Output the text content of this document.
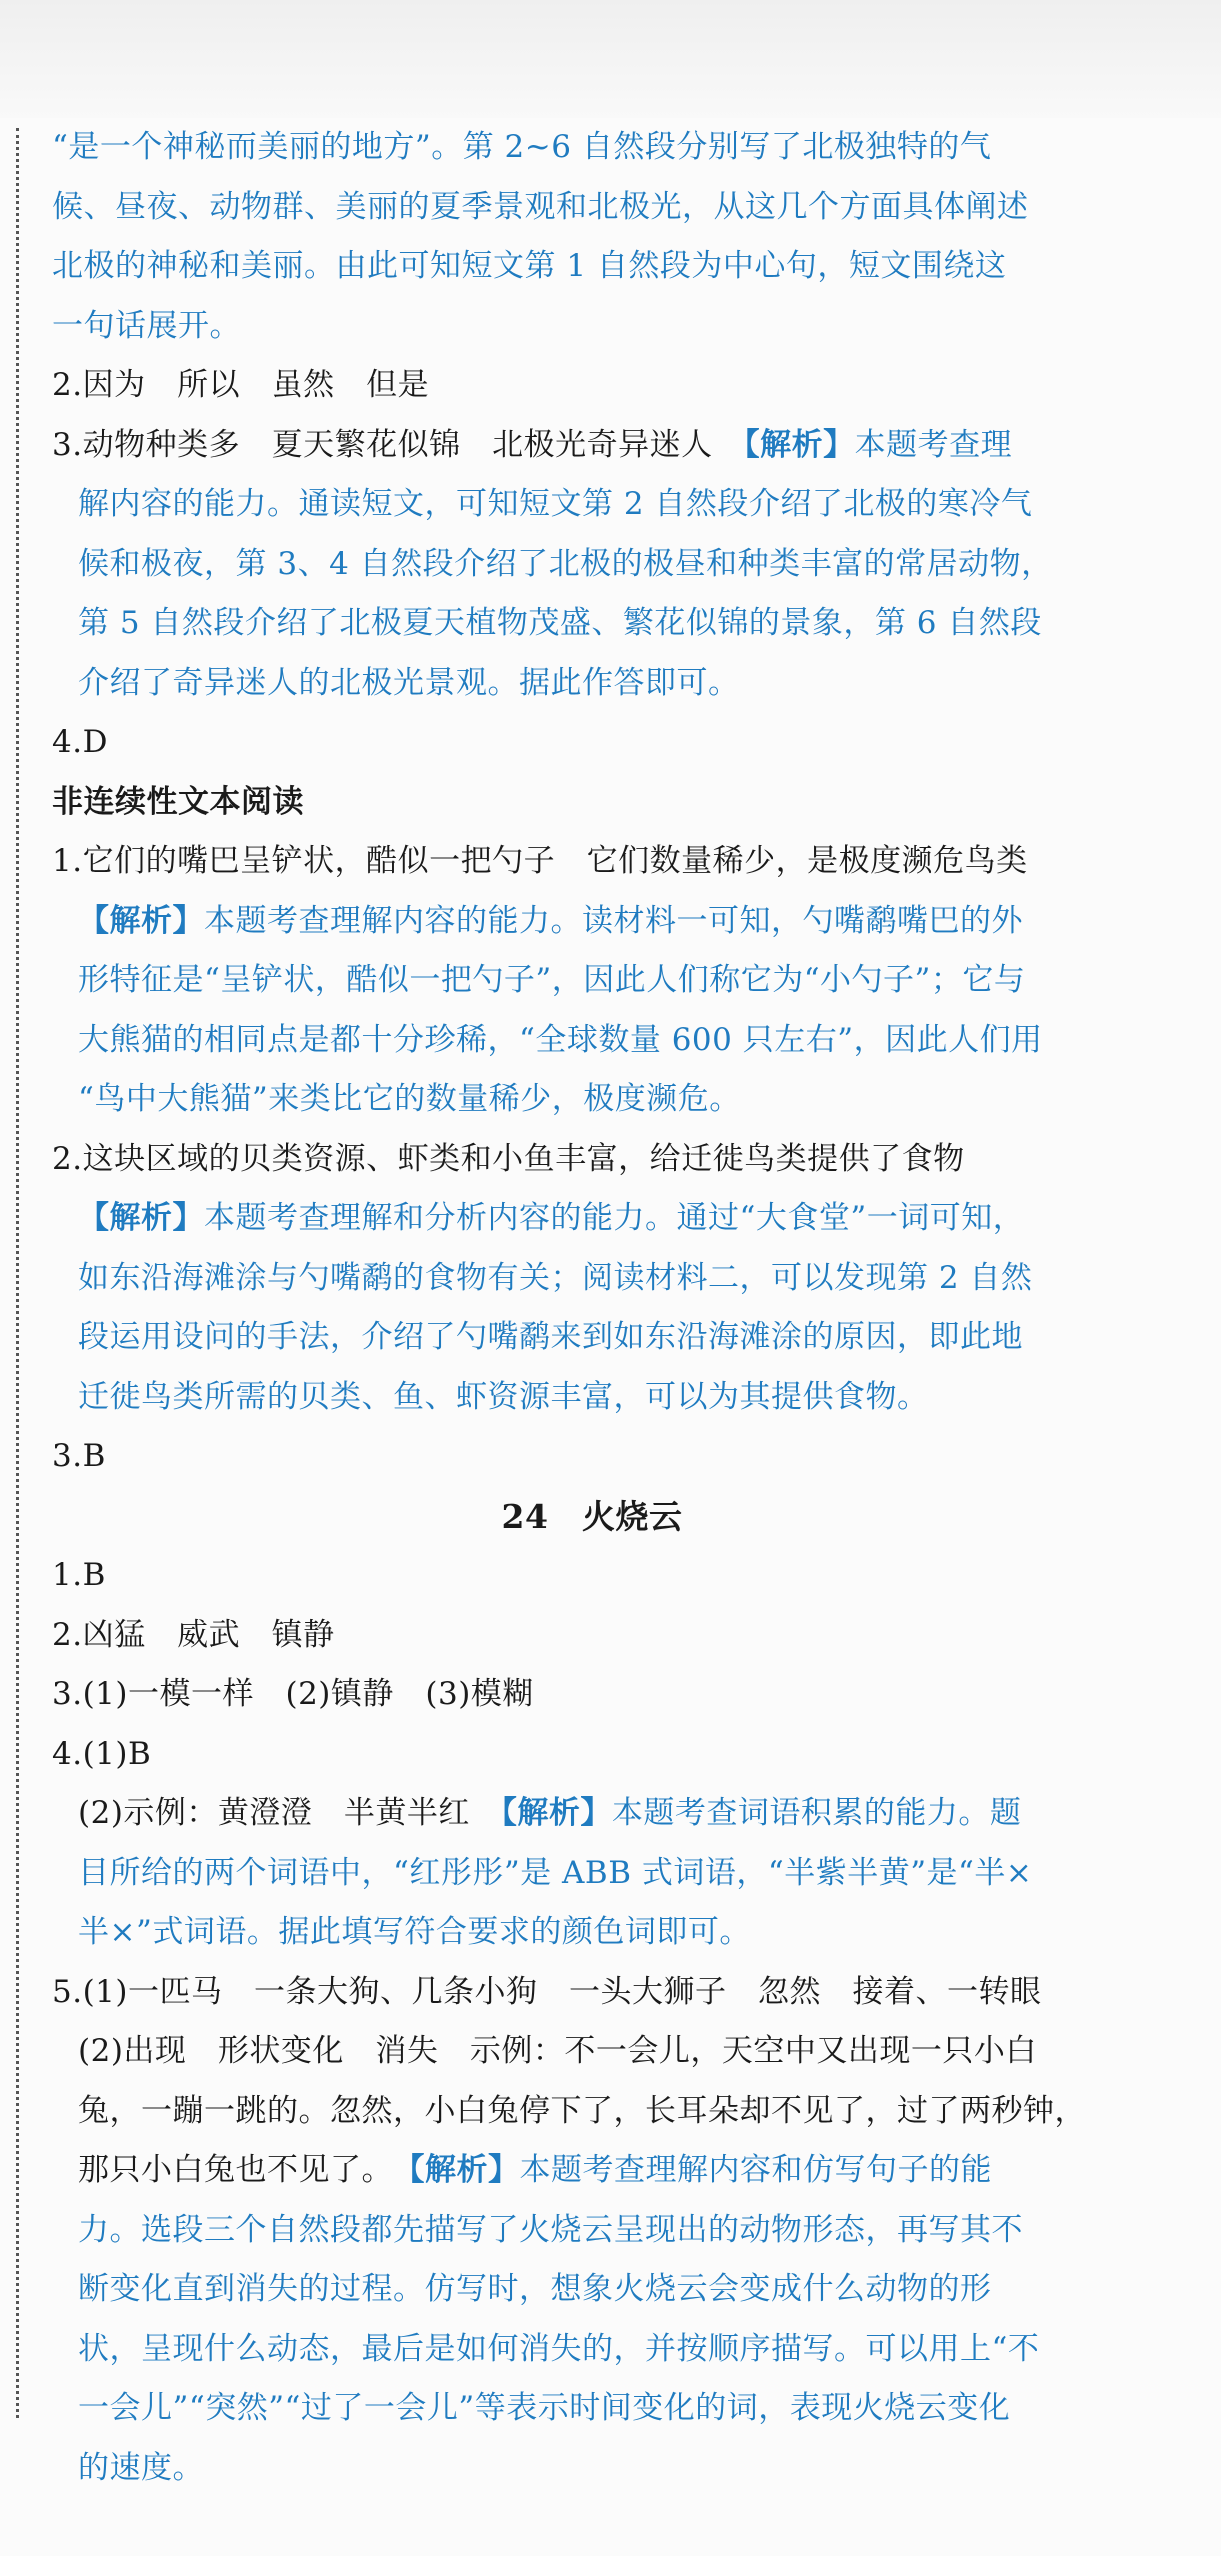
“是一个神秘而美丽的地方”。第 2~6 自然段分别写了北极独特的气
候、昼夜、动物群、美丽的夏季景观和北极光，从这几个方面具体阐述
北极的神秘和美丽。由此可知短文第 1 自然段为中心句，短文围绕这
一句话展开。
2.因为　所以　虽然　但是
3.动物种类多　夏天繁花似锦　北极光奇异迷人　【解析】本题考查理
解内容的能力。通读短文，可知短文第 2 自然段介绍了北极的寒冷气
候和极夜，第 3、4 自然段介绍了北极的极昼和种类丰富的常居动物，
第 5 自然段介绍了北极夏天植物茂盛、繁花似锦的景象，第 6 自然段
介绍了奇异迷人的北极光景观。据此作答即可。
4.D
非连续性文本阅读
1.它们的嘴巴呈铲状，酷似一把勺子　它们数量稀少，是极度濒危鸟类
【解析】本题考查理解内容的能力。读材料一可知，勺嘴鹬嘴巴的外
形特征是“呈铲状，酷似一把勺子”，因此人们称它为“小勺子”；它与
大熊猫的相同点是都十分珍稀，“全球数量 600 只左右”，因此人们用
“鸟中大熊猫”来类比它的数量稀少，极度濒危。
2.这块区域的贝类资源、虾类和小鱼丰富，给迁徙鸟类提供了食物
【解析】本题考查理解和分析内容的能力。通过“大食堂”一词可知，
如东沿海滩涂与勺嘴鹬的食物有关；阅读材料二，可以发现第 2 自然
段运用设问的手法，介绍了勺嘴鹬来到如东沿海滩涂的原因，即此地
迁徙鸟类所需的贝类、鱼、虾资源丰富，可以为其提供食物。
3.B
24　火烧云
1.B
2.凶猛　威武　镇静
3.(1)一模一样　(2)镇静　(3)模糊
4.(1)B
(2)示例：黄澄澄　半黄半红　【解析】本题考查词语积累的能力。题
目所给的两个词语中，“红彤彤”是 ABB 式词语，“半紫半黄”是“半×
半×”式词语。据此填写符合要求的颜色词即可。
5.(1)一匹马　一条大狗、几条小狗　一头大狮子　忽然　接着、一转眼
(2)出现　形状变化　消失　示例：不一会儿，天空中又出现一只小白
兔，一蹦一跳的。忽然，小白兔停下了，长耳朵却不见了，过了两秒钟，
那只小白兔也不见了。　【解析】本题考查理解内容和仿写句子的能
力。选段三个自然段都先描写了火烧云呈现出的动物形态，再写其不
断变化直到消失的过程。仿写时，想象火烧云会变成什么动物的形
状，呈现什么动态，最后是如何消失的，并按顺序描写。可以用上“不
一会儿”“突然”“过了一会儿”等表示时间变化的词，表现火烧云变化
的速度。
